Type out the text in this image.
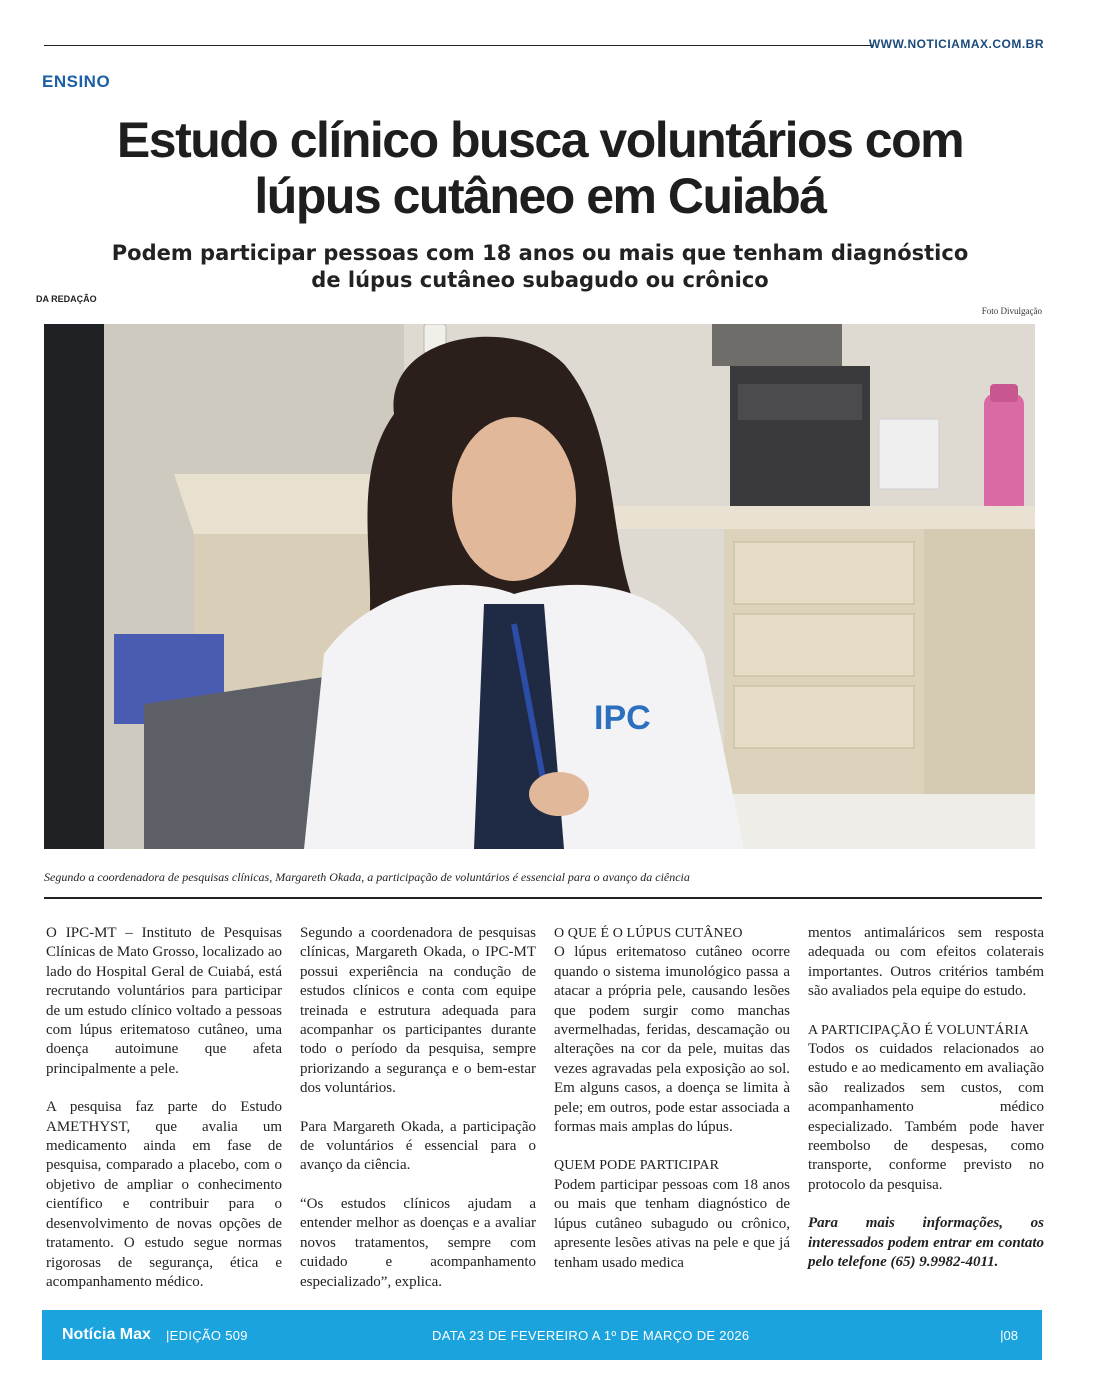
WWW.NOTICIAMAX.COM.BR
ENSINO
Estudo clínico busca voluntários com
lúpus cutâneo em Cuiabá
Podem participar pessoas com 18 anos ou mais que tenham diagnóstico
de lúpus cutâneo subagudo ou crônico
DA REDAÇÃO
Foto Divulgação
IPC
Segundo a coordenadora de pesquisas clínicas, Margareth Okada, a participação de voluntários é essencial para o avanço da ciência

O IPC-MT – Instituto de Pesquisas Clínicas de Mato Grosso, localizado ao lado do Hospital Geral de Cuiabá, está recrutando voluntários para participar de um estudo clínico voltado a pessoas com lúpus eritematoso cutâneo, uma doença autoimune que afeta principalmente a pele.

A pesquisa faz parte do Estudo AMETHYST, que avalia um medicamento ainda em fase de pesquisa, comparado a placebo, com o objetivo de ampliar o conhecimento científico e contribuir para o desenvolvimento de novas opções de tratamento. O estudo segue normas rigorosas de segurança, ética e acompanhamento médico.

Segundo a coordenadora de pesquisas clínicas, Margareth Okada, o IPC-MT possui experiência na condução de estudos clínicos e conta com equipe treinada e estrutura adequada para acompanhar os participantes durante todo o período da pesquisa, sempre priorizando a segurança e o bem-estar dos voluntários.

Para Margareth Okada, a participação de voluntários é essencial para o avanço da ciência.

“Os estudos clínicos ajudam a entender melhor as doenças e a avaliar novos tratamentos, sempre com cuidado e acompanhamento especializado”, explica.

O QUE É O LÚPUS CUTÂNEO

O lúpus eritematoso cutâneo ocorre quando o sistema imunológico passa a atacar a própria pele, causando lesões que podem surgir como manchas avermelhadas, feridas, descamação ou alterações na cor da pele, muitas das vezes agravadas pela exposição ao sol. Em alguns casos, a doença se limita à pele; em outros, pode estar associada a formas mais amplas do lúpus.

QUEM PODE PARTICIPAR

Podem participar pessoas com 18 anos ou mais que tenham diagnóstico de lúpus cutâneo subagudo ou crônico, apresente lesões ativas na pele e que já tenham usado medica

mentos antimaláricos sem resposta adequada ou com efeitos colaterais importantes. Outros critérios também são avaliados pela equipe do estudo.

A PARTICIPAÇÃO É VOLUNTÁRIA

Todos os cuidados relacionados ao estudo e ao medicamento em avaliação são realizados sem custos, com acompanhamento médico especializado. Também pode haver reembolso de despesas, como transporte, conforme previsto no protocolo da pesquisa.

Para mais informações, os interessados podem entrar em contato pelo telefone (65) 9.9982-4011.

Notícia Max |EDIÇÃO 509	DATA 23 DE FEVEREIRO A 1º DE MARÇO DE 2026	|08
